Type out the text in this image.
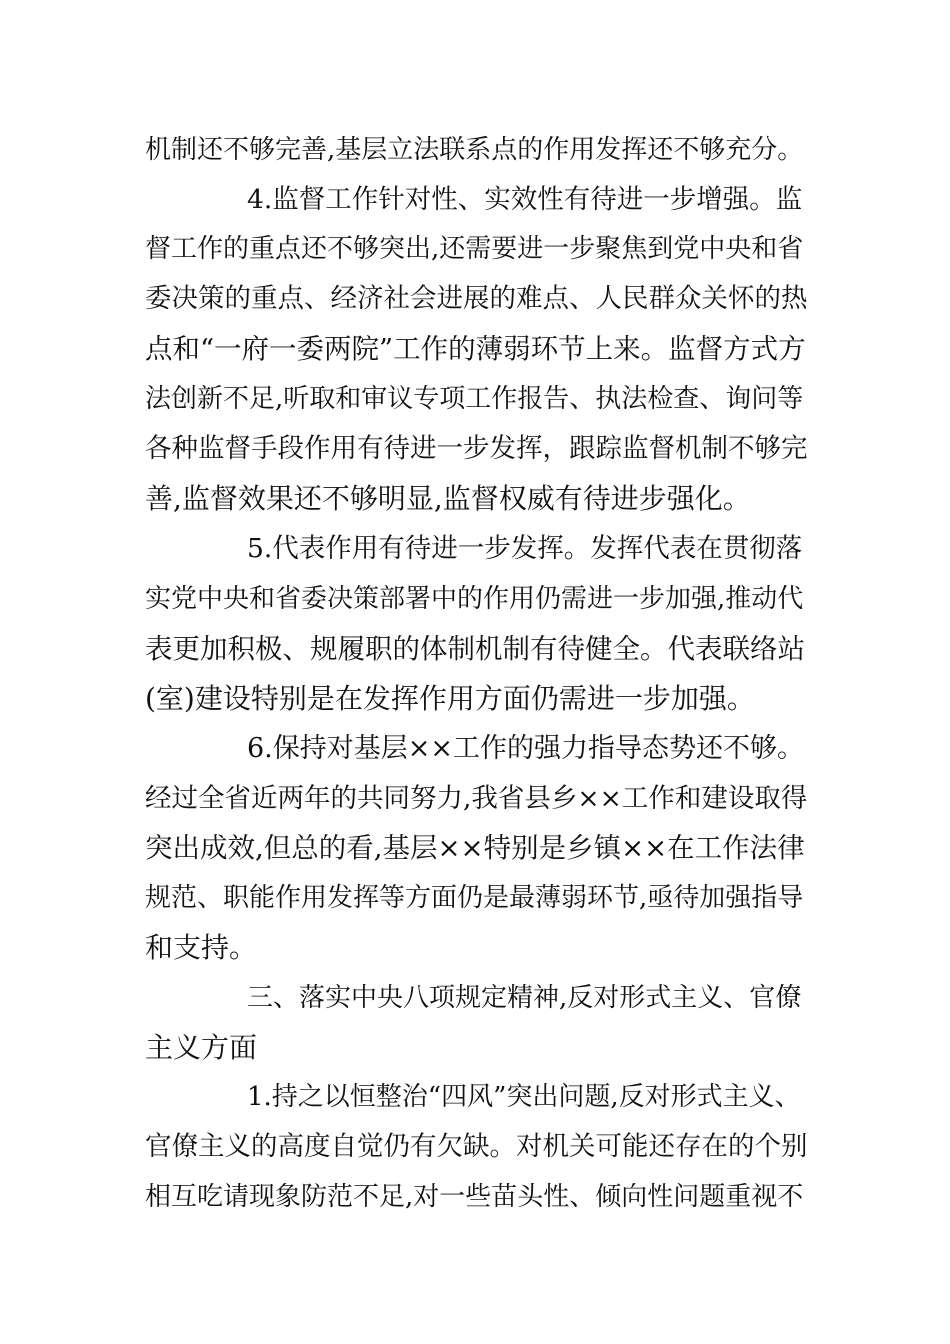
机制还不够完善,基层立法联系点的作用发挥还不够充分。
4.监督工作针对性、实效性有待进一步增强。监
督工作的重点还不够突出,还需要进一步聚焦到党中央和省
委决策的重点、经济社会进展的难点、人民群众关怀的热
点和“一府一委两院”工作的薄弱环节上来。监督方式方
法创新不足,听取和审议专项工作报告、执法检查、询问等
各种监督手段作用有待进一步发挥，跟踪监督机制不够完
善,监督效果还不够明显,监督权威有待进步强化。
5.代表作用有待进一步发挥。发挥代表在贯彻落
实党中央和省委决策部署中的作用仍需进一步加强,推动代
表更加积极、规履职的体制机制有待健全。代表联络站
(室)建设特别是在发挥作用方面仍需进一步加强。
6.保持对基层××工作的强力指导态势还不够。
经过全省近两年的共同努力,我省县乡××工作和建设取得
突出成效,但总的看,基层××特别是乡镇××在工作法律
规范、职能作用发挥等方面仍是最薄弱环节,亟待加强指导
和支持。
三、落实中央八项规定精神,反对形式主义、官僚
主义方面
1.持之以恒整治“四风”突出问题,反对形式主义、
官僚主义的高度自觉仍有欠缺。对机关可能还存在的个别
相互吃请现象防范不足,对一些苗头性、倾向性问题重视不
